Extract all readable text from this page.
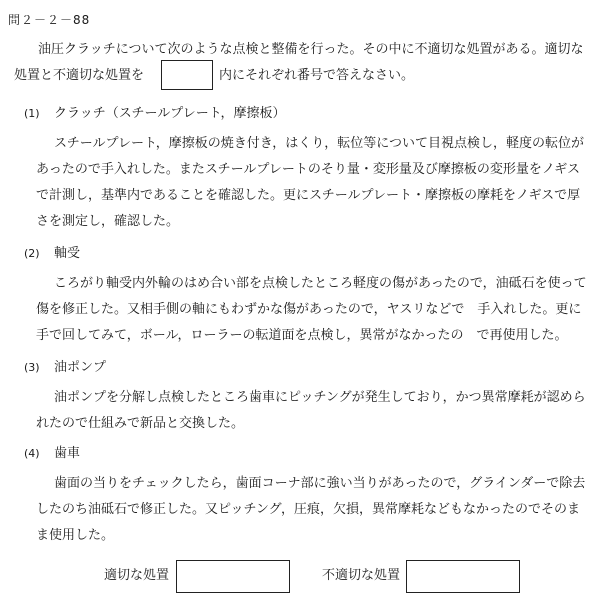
問２－２－88
油圧クラッチについて次のような点検と整備を行った。その中に不適切な処置がある。適切な
処置と不適切な処置を	内にそれぞれ番号で答えなさい。
(1) クラッチ（スチールプレート，摩擦板）
スチールプレート，摩擦板の焼き付き，はくり，転位等について目視点検し，軽度の転位が
あったので手入れした。またスチールプレートのそり量・変形量及び摩擦板の変形量をノギス
で計測し，基準内であることを確認した。更にスチールプレート・摩擦板の摩耗をノギスで厚
さを測定し，確認した。
(2) 軸受
ころがり軸受内外輪のはめ合い部を点検したところ軽度の傷があったので，油砥石を使って
傷を修正した。又相手側の軸にもわずかな傷があったので，ヤスリなどで　手入れした。更に
手で回してみて，ボール，ローラーの転道面を点検し，異常がなかったの　で再使用した。
(3) 油ポンプ
油ポンプを分解し点検したところ歯車にピッチングが発生しており，かつ異常摩耗が認めら
れたので仕組みで新品と交換した。
(4) 歯車
歯面の当りをチェックしたら，歯面コーナ部に強い当りがあったので，グラインダーで除去
したのち油砥石で修正した。又ピッチング，圧痕，欠損，異常摩耗などもなかったのでそのま
ま使用した。
適切な処置	不適切な処置
